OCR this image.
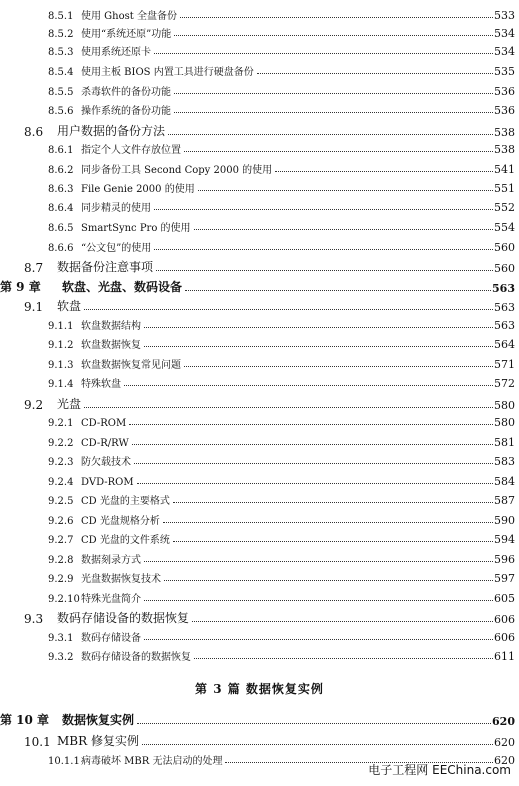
8.5.1 使用 Ghost 全盘备份	533
8.5.2 使用“系统还原”功能	534
8.5.3 使用系统还原卡	534
8.5.4 使用主板 BIOS 内置工具进行硬盘备份	535
8.5.5 杀毒软件的备份功能	536
8.5.6 操作系统的备份功能	536
8.6	用户数据的备份方法	538
8.6.1 指定个人文件存放位置	538
8.6.2 同步备份工具 Second Copy 2000 的使用	541
8.6.3 File Genie 2000 的使用	551
8.6.4 同步精灵的使用	552
8.6.5 SmartSync Pro 的使用	554
8.6.6 “公文包”的使用	560
8.7	数据备份注意事项	560
第 9 章	软盘、光盘、数码设备	563
9.1	软盘	563
9.1.1 软盘数据结构	563
9.1.2 软盘数据恢复	564
9.1.3 软盘数据恢复常见问题	571
9.1.4 特殊软盘	572
9.2	光盘	580
9.2.1 CD-ROM	580
9.2.2 CD-R/RW	581
9.2.3 防欠载技术	583
9.2.4 DVD-ROM	584
9.2.5 CD 光盘的主要格式	587
9.2.6 CD 光盘规格分析	590
9.2.7 CD 光盘的文件系统	594
9.2.8 数据刻录方式	596
9.2.9 光盘数据恢复技术	597
9.2.10 特殊光盘简介	605
9.3	数码存储设备的数据恢复	606
9.3.1 数码存储设备	606
9.3.2 数码存储设备的数据恢复	611
第 10 章	数据恢复实例	620
10.1 MBR 修复实例	620
10.1.1 病毒破坏 MBR 无法启动的处理	620
第 3 篇 数据恢复实例
电子工程网 EEChina.com
